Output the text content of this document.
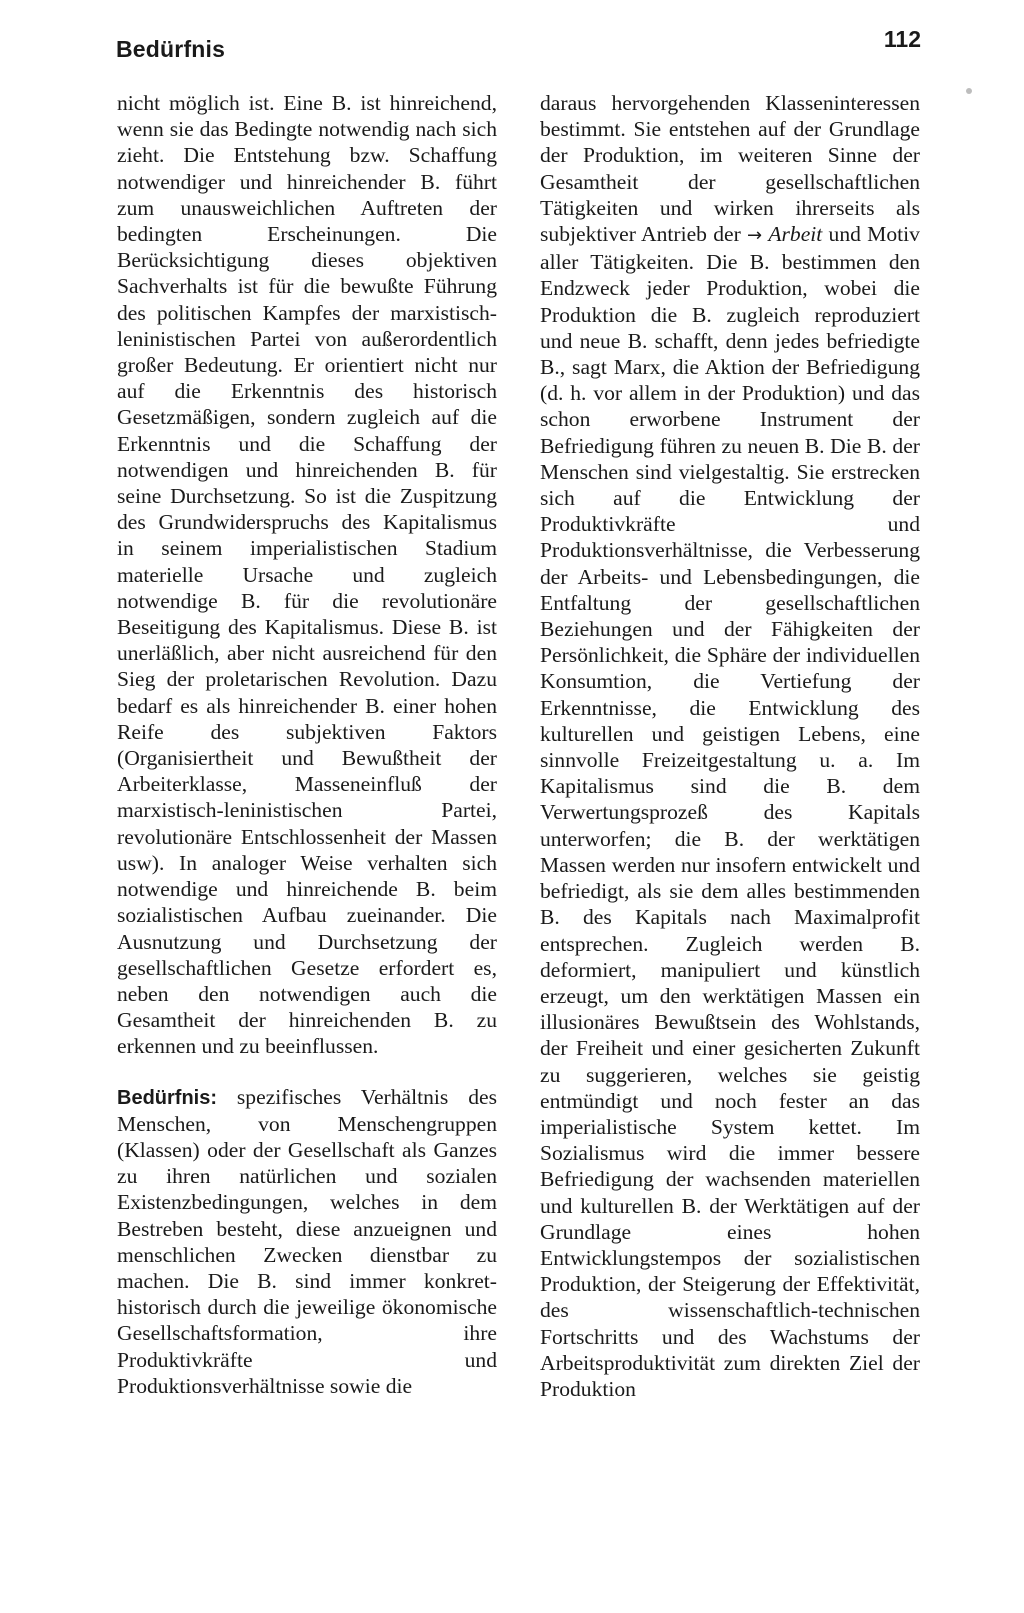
Bedürfnis	112

nicht möglich ist. Eine B. ist hinreichend, wenn sie das Bedingte notwendig nach sich zieht. Die Entstehung bzw. Schaffung notwendiger und hinreichender B. führt zum unausweichlichen Auftreten der bedingten Erscheinungen. Die Berücksichtigung dieses objektiven Sachverhalts ist für die bewußte Führung des politischen Kampfes der marxistisch-leninistischen Partei von außerordentlich großer Bedeutung. Er orientiert nicht nur auf die Erkenntnis des historisch Gesetzmäßigen, sondern zugleich auf die Erkenntnis und die Schaffung der notwendigen und hinreichenden B. für seine Durchsetzung. So ist die Zuspitzung des Grundwiderspruchs des Kapitalismus in seinem imperialistischen Stadium materielle Ursache und zugleich notwendige B. für die revolutionäre Beseitigung des Kapitalismus. Diese B. ist unerläßlich, aber nicht ausreichend für den Sieg der proletarischen Revolution. Dazu bedarf es als hinreichender B. einer hohen Reife des subjektiven Faktors (Organisiertheit und Bewußtheit der Arbeiterklasse, Masseneinfluß der marxistisch-leninistischen Partei, revolutionäre Entschlossenheit der Massen usw). In analoger Weise verhalten sich notwendige und hinreichende B. beim sozialistischen Aufbau zueinander. Die Ausnutzung und Durchsetzung der gesellschaftlichen Gesetze erfordert es, neben den notwendigen auch die Gesamtheit der hinreichenden B. zu erkennen und zu beeinflussen.

Bedürfnis: spezifisches Verhältnis des Menschen, von Menschengruppen (Klassen) oder der Gesellschaft als Ganzes zu ihren natürlichen und sozialen Existenzbedingungen, welches in dem Bestreben besteht, diese anzueignen und menschlichen Zwecken dienstbar zu machen. Die B. sind immer konkret-historisch durch die jeweilige ökonomische Gesellschaftsformation, ihre Produktivkräfte und Produktionsverhältnisse sowie die

daraus hervorgehenden Klasseninteressen bestimmt. Sie entstehen auf der Grundlage der Produktion, im weiteren Sinne der Gesamtheit der gesellschaftlichen Tätigkeiten und wirken ihrerseits als subjektiver Antrieb der → Arbeit und Motiv aller Tätigkeiten. Die B. bestimmen den Endzweck jeder Produktion, wobei die Produktion die B. zugleich reproduziert und neue B. schafft, denn jedes befriedigte B., sagt Marx, die Aktion der Befriedigung (d. h. vor allem in der Produktion) und das schon erworbene Instrument der Befriedigung führen zu neuen B. Die B. der Menschen sind vielgestaltig. Sie erstrecken sich auf die Entwicklung der Produktivkräfte und Produktionsverhältnisse, die Verbesserung der Arbeits- und Lebensbedingungen, die Entfaltung der gesellschaftlichen Beziehungen und der Fähigkeiten der Persönlichkeit, die Sphäre der individuellen Konsumtion, die Vertiefung der Erkenntnisse, die Entwicklung des kulturellen und geistigen Lebens, eine sinnvolle Freizeitgestaltung u. a. Im Kapitalismus sind die B. dem Verwertungsprozeß des Kapitals unterworfen; die B. der werktätigen Massen werden nur insofern entwickelt und befriedigt, als sie dem alles bestimmenden B. des Kapitals nach Maximalprofit entsprechen. Zugleich werden B. deformiert, manipuliert und künstlich erzeugt, um den werktätigen Massen ein illusionäres Bewußtsein des Wohlstands, der Freiheit und einer gesicherten Zukunft zu suggerieren, welches sie geistig entmündigt und noch fester an das imperialistische System kettet. Im Sozialismus wird die immer bessere Befriedigung der wachsenden materiellen und kulturellen B. der Werktätigen auf der Grundlage eines hohen Entwicklungstempos der sozialistischen Produktion, der Steigerung der Effektivität, des wissenschaftlich-technischen Fortschritts und des Wachstums der Arbeitsproduktivität zum direkten Ziel der Produktion
